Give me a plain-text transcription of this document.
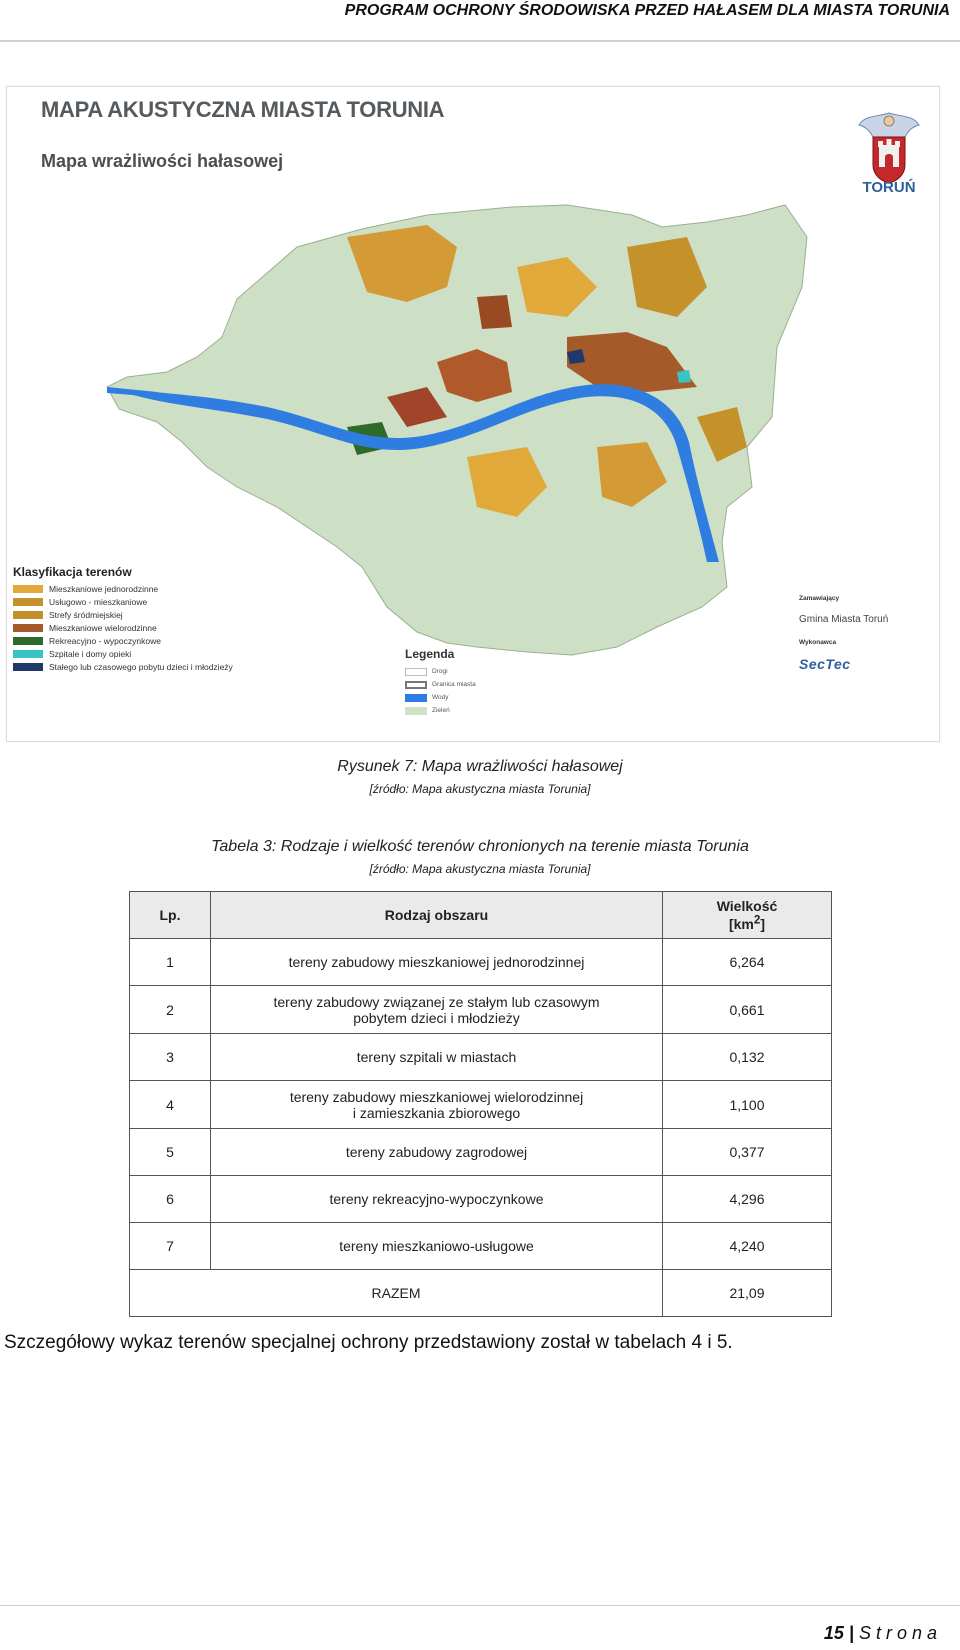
PROGRAM OCHRONY ŚRODOWISKA PRZED HAŁASEM DLA MIASTA TORUNIA
MAPA AKUSTYCZNA MIASTA TORUNIA
Mapa wrażliwości hałasowej
TORUŃ
Klasyfikacja terenów
Mieszkaniowe jednorodzinne
Usługowo - mieszkaniowe
Strefy śródmiejskiej
Mieszkaniowe wielorodzinne
Rekreacyjno - wypoczynkowe
Szpitale i domy opieki
Stałego lub czasowego pobytu dzieci i młodzieży
Legenda
Drogi
Granica miasta
Wody
Zieleń
Zamawiający
Gmina Miasta Toruń
Wykonawca
SecTec
Rysunek 7: Mapa wrażliwości hałasowej
[źródło: Mapa akustyczna miasta Torunia]
Tabela 3: Rodzaje i wielkość terenów chronionych na terenie miasta Torunia
[źródło: Mapa akustyczna miasta Torunia]
Lp.	Rodzaj obszaru	Wielkość
$[km^2]$
1	tereny zabudowy mieszkaniowej jednorodzinnej	6,264
2	tereny zabudowy związanej ze stałym lub czasowym
pobytem dzieci i młodzieży	0,661
3	tereny szpitali w miastach	0,132
4	tereny zabudowy mieszkaniowej wielorodzinnej
i zamieszkania zbiorowego	1,100
5	tereny zabudowy zagrodowej	0,377
6	tereny rekreacyjno-wypoczynkowe	4,296
7	tereny mieszkaniowo-usługowe	4,240
RAZEM		21,09
Szczegółowy wykaz terenów specjalnej ochrony przedstawiony został w tabelach 4 i 5.
15 | Strona
